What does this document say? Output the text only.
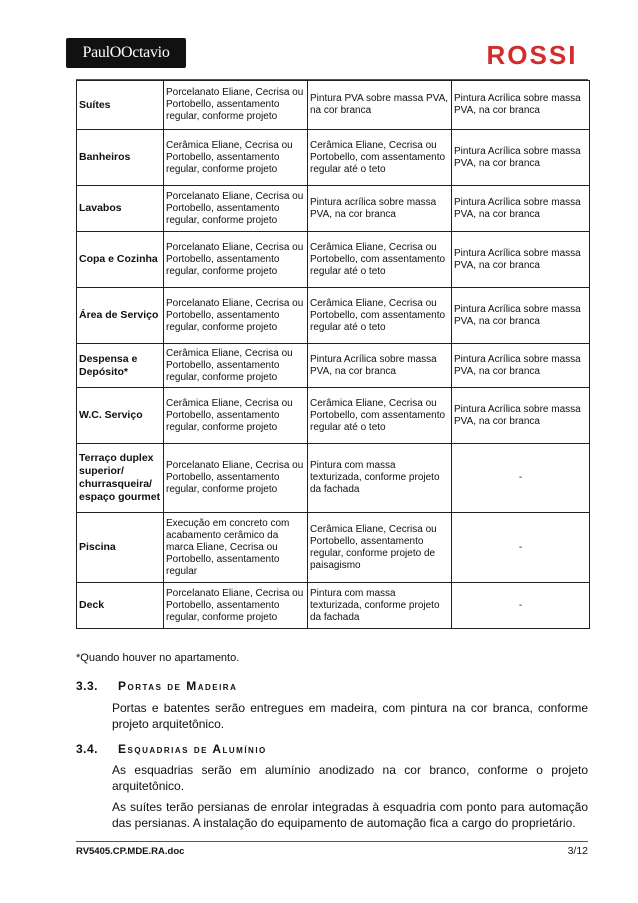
PaulOOctavio	ROSSI
Suítes	Porcelanato Eliane, Cecrisa ou Portobello, assentamento regular, conforme projeto	Pintura PVA sobre massa PVA, na cor branca	Pintura Acrílica sobre massa PVA, na cor branca
Banheiros	Cerâmica Eliane, Cecrisa ou Portobello, assentamento regular, conforme projeto	Cerâmica Eliane, Cecrisa ou Portobello, com assentamento regular até o teto	Pintura Acrílica sobre massa PVA, na cor branca
Lavabos	Porcelanato Eliane, Cecrisa ou Portobello, assentamento regular, conforme projeto	Pintura acrílica sobre massa PVA, na cor branca	Pintura Acrílica sobre massa PVA, na cor branca
Copa e Cozinha	Porcelanato Eliane, Cecrisa ou Portobello, assentamento regular, conforme projeto	Cerâmica Eliane, Cecrisa ou Portobello, com assentamento regular até o teto	Pintura Acrílica sobre massa PVA, na cor branca
Área de Serviço	Porcelanato Eliane, Cecrisa ou Portobello, assentamento regular, conforme projeto	Cerâmica Eliane, Cecrisa ou Portobello, com assentamento regular até o teto	Pintura Acrílica sobre massa PVA, na cor branca
Despensa e Depósito*	Cerâmica Eliane, Cecrisa ou Portobello, assentamento regular, conforme projeto	Pintura Acrílica sobre massa PVA, na cor branca	Pintura Acrílica sobre massa PVA, na cor branca
W.C. Serviço	Cerâmica Eliane, Cecrisa ou Portobello, assentamento regular, conforme projeto	Cerâmica Eliane, Cecrisa ou Portobello, com assentamento regular até o teto	Pintura Acrílica sobre massa PVA, na cor branca
Terraço duplex superior/ churrasqueira/ espaço gourmet	Porcelanato Eliane, Cecrisa ou Portobello, assentamento regular, conforme projeto	Pintura com massa texturizada, conforme projeto da fachada	-
Piscina	Execução em concreto com acabamento cerâmico da marca Eliane, Cecrisa ou Portobello, assentamento regular	Cerâmica Eliane, Cecrisa ou Portobello, assentamento regular, conforme projeto de paisagismo	-
Deck	Porcelanato Eliane, Cecrisa ou Portobello, assentamento regular, conforme projeto	Pintura com massa texturizada, conforme projeto da fachada	-
*Quando houver no apartamento.
3.3.	Portas de Madeira
Portas e batentes serão entregues em madeira, com pintura na cor branca, conforme projeto arquitetônico.
3.4.	Esquadrias de Alumínio
As esquadrias serão em alumínio anodizado na cor branco, conforme o projeto arquitetônico.
As suítes terão persianas de enrolar integradas à esquadria com ponto para automação das persianas. A instalação do equipamento de automação fica a cargo do proprietário.
RV5405.CP.MDE.RA.doc	3/12
